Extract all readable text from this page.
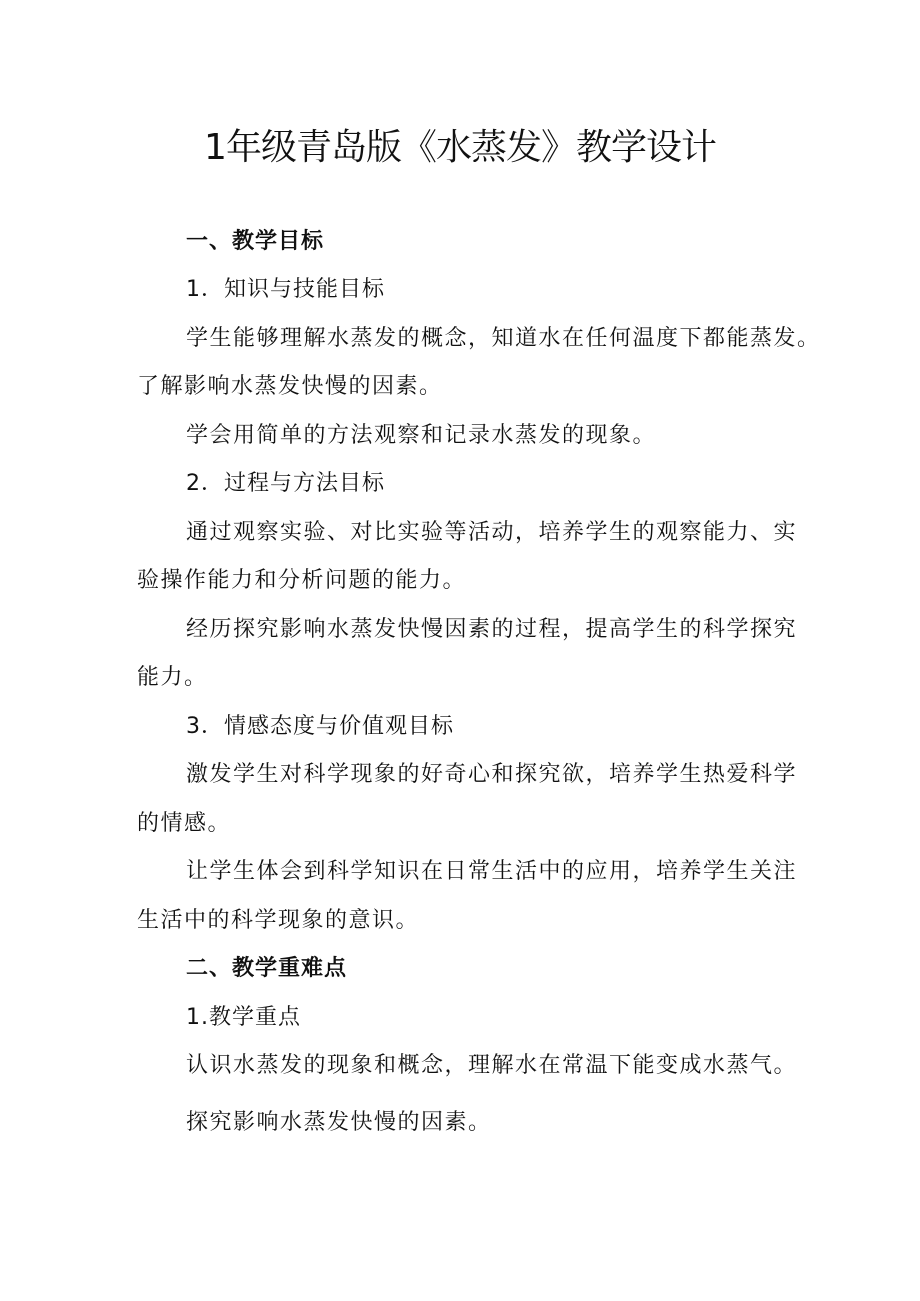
1年级青岛版《水蒸发》教学设计
一、教学目标
1．知识与技能目标
学生能够理解水蒸发的概念，知道水在任何温度下都能蒸发。
了解影响水蒸发快慢的因素。
学会用简单的方法观察和记录水蒸发的现象。
2．过程与方法目标
通过观察实验、对比实验等活动，培养学生的观察能力、实
验操作能力和分析问题的能力。
经历探究影响水蒸发快慢因素的过程，提高学生的科学探究
能力。
3．情感态度与价值观目标
激发学生对科学现象的好奇心和探究欲，培养学生热爱科学
的情感。
让学生体会到科学知识在日常生活中的应用，培养学生关注
生活中的科学现象的意识。
二、教学重难点
1.教学重点
认识水蒸发的现象和概念，理解水在常温下能变成水蒸气。
探究影响水蒸发快慢的因素。
